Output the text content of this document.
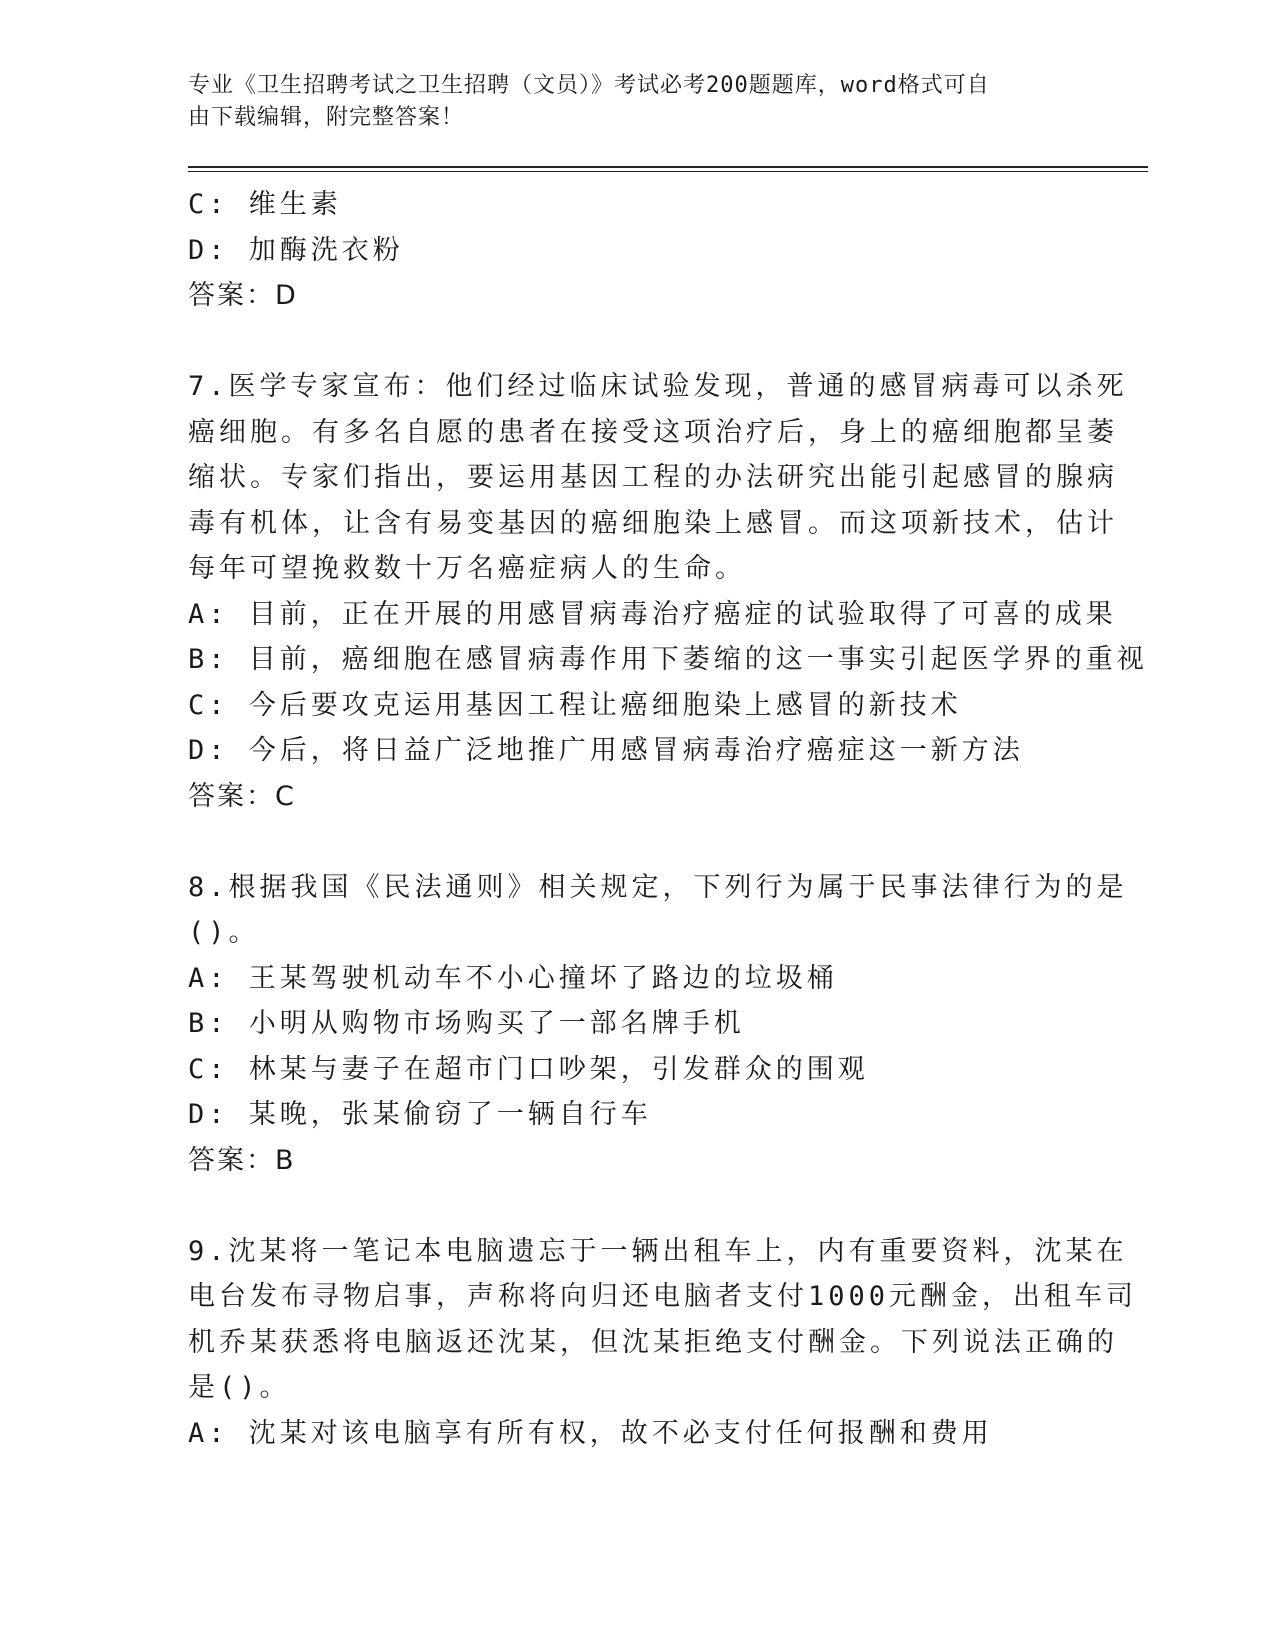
专业《卫生招聘考试之卫生招聘（文员）》考试必考200题题库，word格式可自
由下载编辑，附完整答案！
C: 维生素
D: 加酶洗衣粉
答案：D
7.医学专家宣布：他们经过临床试验发现，普通的感冒病毒可以杀死
癌细胞。有多名自愿的患者在接受这项治疗后，身上的癌细胞都呈萎
缩状。专家们指出，要运用基因工程的办法研究出能引起感冒的腺病
毒有机体，让含有易变基因的癌细胞染上感冒。而这项新技术，估计
每年可望挽救数十万名癌症病人的生命。
A: 目前，正在开展的用感冒病毒治疗癌症的试验取得了可喜的成果
B: 目前，癌细胞在感冒病毒作用下萎缩的这一事实引起医学界的重视
C: 今后要攻克运用基因工程让癌细胞染上感冒的新技术
D: 今后，将日益广泛地推广用感冒病毒治疗癌症这一新方法
答案：C
8.根据我国《民法通则》相关规定，下列行为属于民事法律行为的是
()。
A: 王某驾驶机动车不小心撞坏了路边的垃圾桶
B: 小明从购物市场购买了一部名牌手机
C: 林某与妻子在超市门口吵架，引发群众的围观
D: 某晚，张某偷窃了一辆自行车
答案：B
9.沈某将一笔记本电脑遗忘于一辆出租车上，内有重要资料，沈某在
电台发布寻物启事，声称将向归还电脑者支付1000元酬金，出租车司
机乔某获悉将电脑返还沈某，但沈某拒绝支付酬金。下列说法正确的
是()。
A: 沈某对该电脑享有所有权，故不必支付任何报酬和费用
